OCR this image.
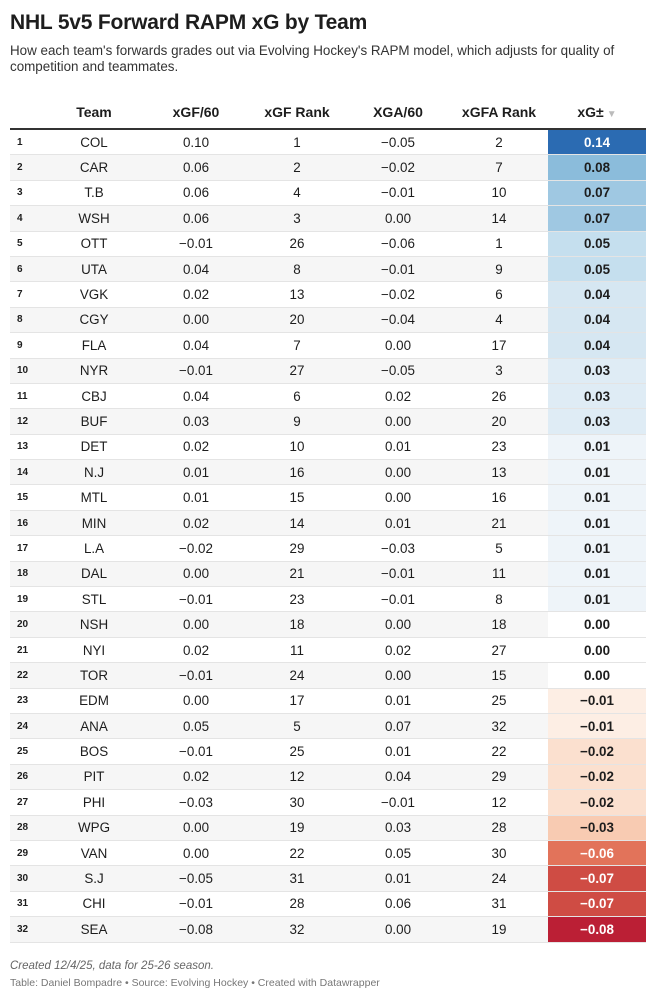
NHL 5v5 Forward RAPM xG by Team
How each team's forwards grades out via Evolving Hockey's RAPM model, which adjusts for quality of competition and teammates.
	Team	xGF/60	xGF Rank	XGA/60	xGFA Rank	xG± ▼
1	COL	0.10	1	−0.05	2	0.14
2	CAR	0.06	2	−0.02	7	0.08
3	T.B	0.06	4	−0.01	10	0.07
4	WSH	0.06	3	0.00	14	0.07
5	OTT	−0.01	26	−0.06	1	0.05
6	UTA	0.04	8	−0.01	9	0.05
7	VGK	0.02	13	−0.02	6	0.04
8	CGY	0.00	20	−0.04	4	0.04
9	FLA	0.04	7	0.00	17	0.04
10	NYR	−0.01	27	−0.05	3	0.03
11	CBJ	0.04	6	0.02	26	0.03
12	BUF	0.03	9	0.00	20	0.03
13	DET	0.02	10	0.01	23	0.01
14	N.J	0.01	16	0.00	13	0.01
15	MTL	0.01	15	0.00	16	0.01
16	MIN	0.02	14	0.01	21	0.01
17	L.A	−0.02	29	−0.03	5	0.01
18	DAL	0.00	21	−0.01	11	0.01
19	STL	−0.01	23	−0.01	8	0.01
20	NSH	0.00	18	0.00	18	0.00
21	NYI	0.02	11	0.02	27	0.00
22	TOR	−0.01	24	0.00	15	0.00
23	EDM	0.00	17	0.01	25	−0.01
24	ANA	0.05	5	0.07	32	−0.01
25	BOS	−0.01	25	0.01	22	−0.02
26	PIT	0.02	12	0.04	29	−0.02
27	PHI	−0.03	30	−0.01	12	−0.02
28	WPG	0.00	19	0.03	28	−0.03
29	VAN	0.00	22	0.05	30	−0.06
30	S.J	−0.05	31	0.01	24	−0.07
31	CHI	−0.01	28	0.06	31	−0.07
32	SEA	−0.08	32	0.00	19	−0.08
Created 12/4/25, data for 25-26 season.
Table: Daniel Bompadre • Source: Evolving Hockey • Created with Datawrapper
